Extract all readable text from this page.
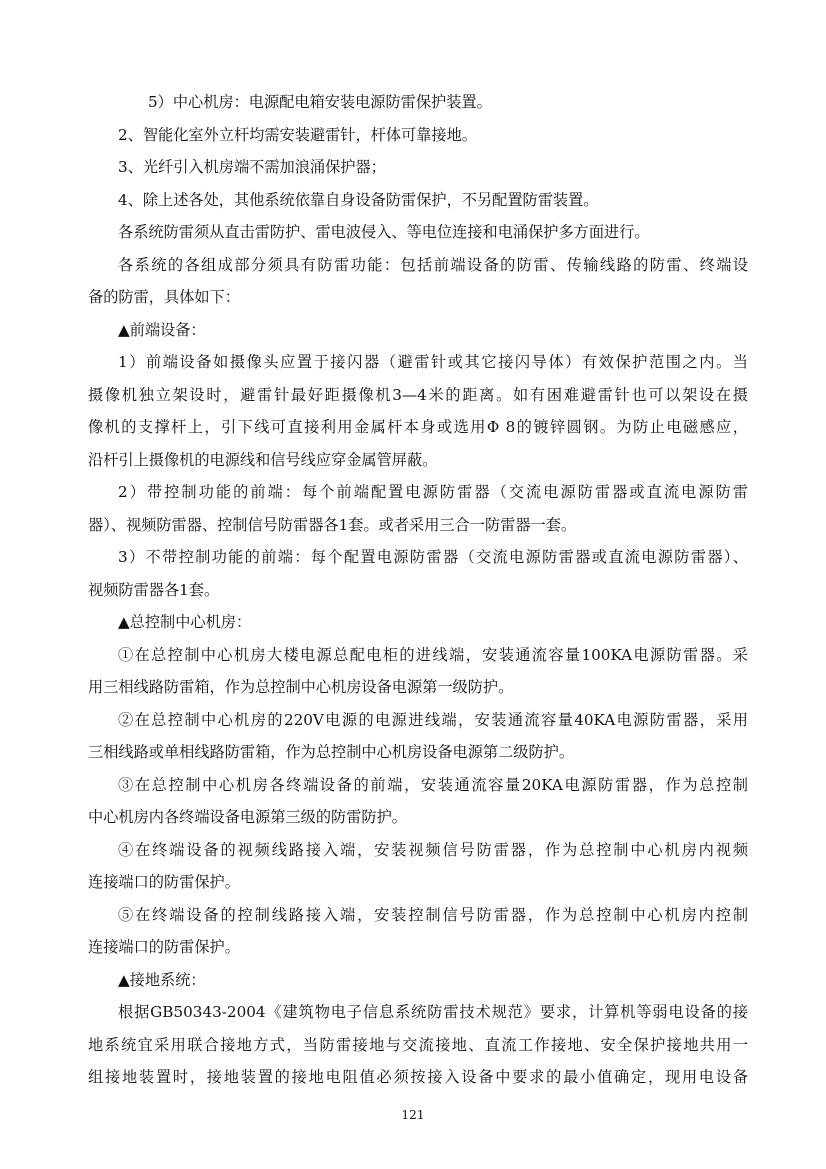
5）中心机房：电源配电箱安装电源防雷保护装置。

2、智能化室外立杆均需安装避雷针，杆体可靠接地。

3、光纤引入机房端不需加浪涌保护器；

4、除上述各处，其他系统依靠自身设备防雷保护，不另配置防雷装置。

各系统防雷须从直击雷防护、雷电波侵入、等电位连接和电涌保护多方面进行。

各系统的各组成部分须具有防雷功能：包括前端设备的防雷、传输线路的防雷、终端设

备的防雷，具体如下：

▲前端设备：

1）前端设备如摄像头应置于接闪器（避雷针或其它接闪导体）有效保护范围之内。当

摄像机独立架设时，避雷针最好距摄像机3—4米的距离。如有困难避雷针也可以架设在摄

像机的支撑杆上，引下线可直接利用金属杆本身或选用Φ 8的镀锌圆钢。为防止电磁感应，

沿杆引上摄像机的电源线和信号线应穿金属管屏蔽。

2）带控制功能的前端：每个前端配置电源防雷器（交流电源防雷器或直流电源防雷

器）、视频防雷器、控制信号防雷器各1套。或者采用三合一防雷器一套。

3）不带控制功能的前端：每个配置电源防雷器（交流电源防雷器或直流电源防雷器）、

视频防雷器各1套。

▲总控制中心机房：

①在总控制中心机房大楼电源总配电柜的进线端，安装通流容量100KA电源防雷器。采

用三相线路防雷箱，作为总控制中心机房设备电源第一级防护。

②在总控制中心机房的220V电源的电源进线端，安装通流容量40KA电源防雷器，采用

三相线路或单相线路防雷箱，作为总控制中心机房设备电源第二级防护。

③在总控制中心机房各终端设备的前端，安装通流容量20KA电源防雷器，作为总控制

中心机房内各终端设备电源第三级的防雷防护。

④在终端设备的视频线路接入端，安装视频信号防雷器，作为总控制中心机房内视频

连接端口的防雷保护。

⑤在终端设备的控制线路接入端，安装控制信号防雷器，作为总控制中心机房内控制

连接端口的防雷保护。

▲接地系统：

根据GB50343-2004《建筑物电子信息系统防雷技术规范》要求，计算机等弱电设备的接

地系统宜采用联合接地方式，当防雷接地与交流接地、直流工作接地、安全保护接地共用一

组接地装置时，接地装置的接地电阻值必须按接入设备中要求的最小值确定，现用电设备

121
